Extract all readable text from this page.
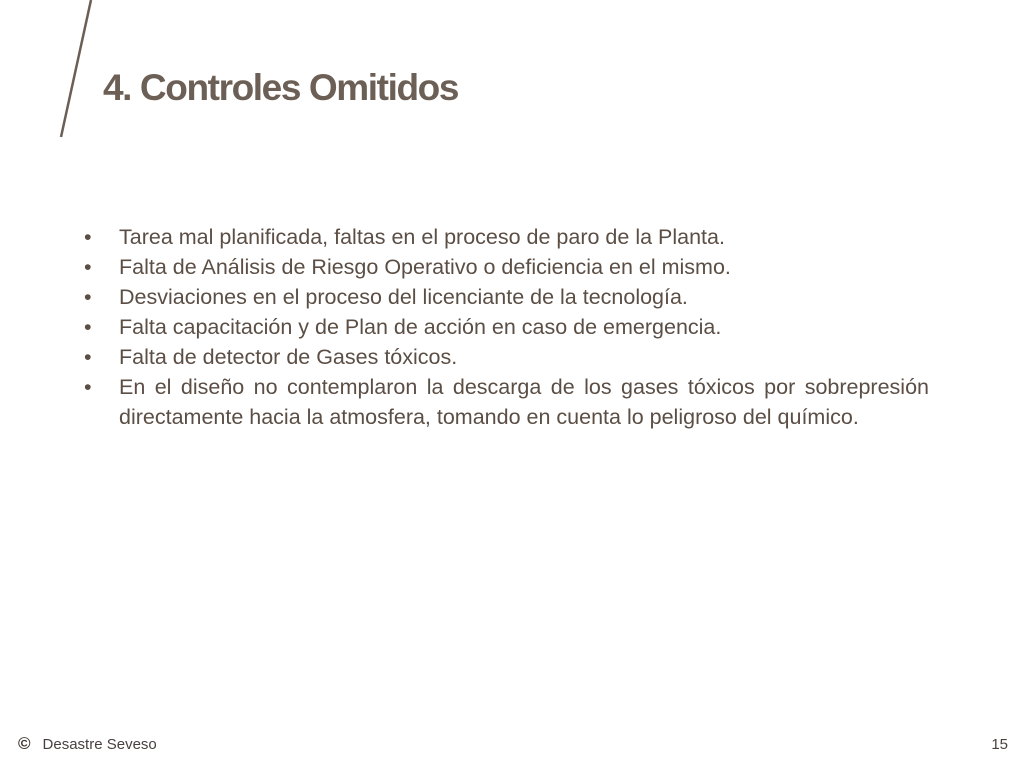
4. Controles Omitidos
•	Tarea mal planificada, faltas en el proceso de paro de la Planta.
•	Falta de Análisis de Riesgo Operativo o deficiencia en el mismo.
•	Desviaciones en el proceso del licenciante de la tecnología.
•	Falta capacitación y de Plan de acción en caso de emergencia.
•	Falta de detector de Gases tóxicos.
•	En el diseño no contemplaron la descarga de los gases tóxicos por sobrepresión directamente hacia la atmosfera, tomando en cuenta lo peligroso del químico.
© Desastre Seveso	15
